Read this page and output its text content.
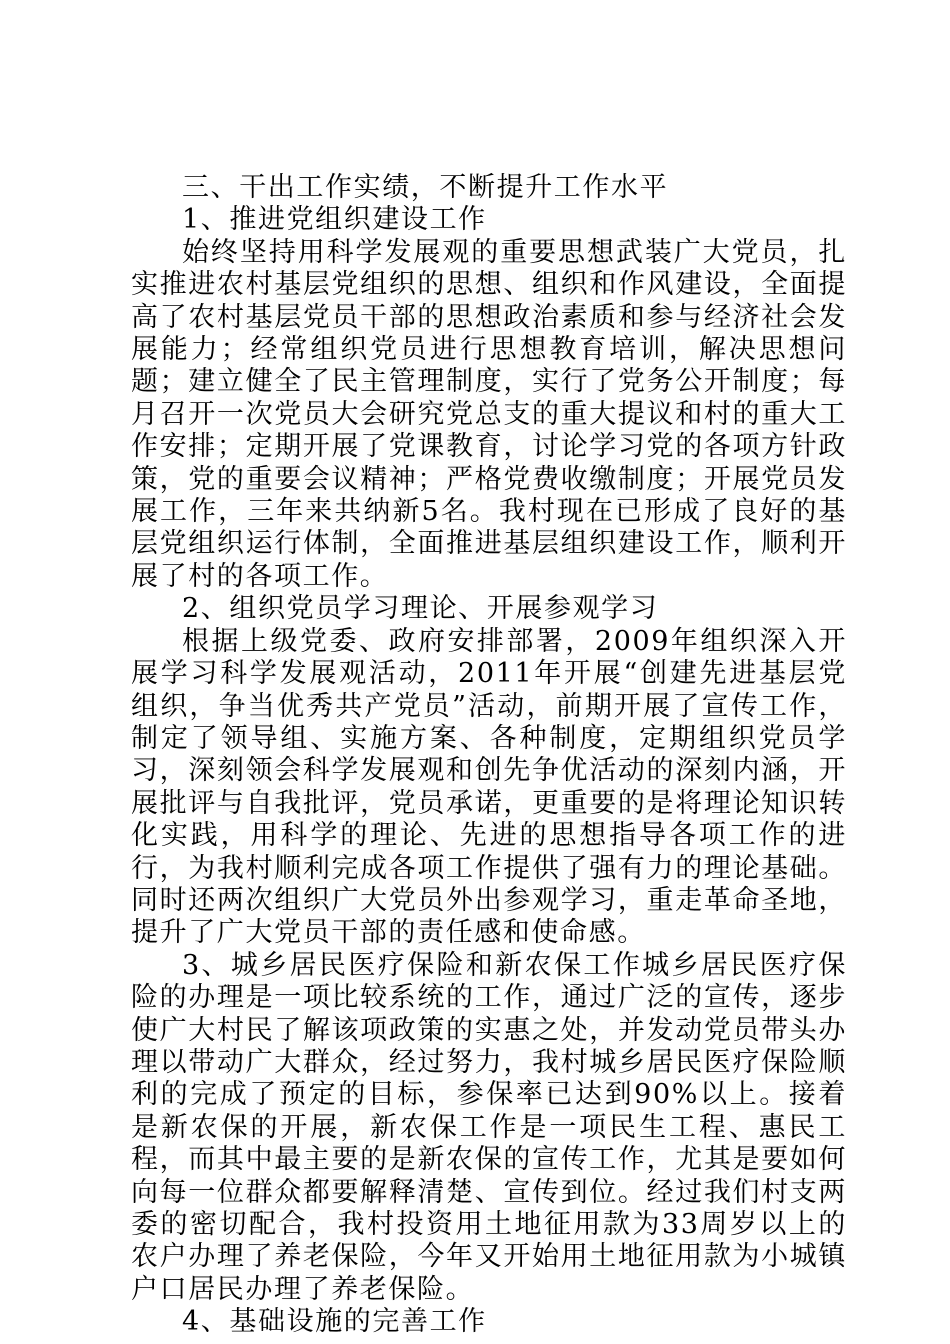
三、干出工作实绩，不断提升工作水平

1、推进党组织建设工作

始终坚持用科学发展观的重要思想武装广大党员，扎实推进农村基层党组织的思想、组织和作风建设，全面提高了农村基层党员干部的思想政治素质和参与经济社会发展能力；经常组织党员进行思想教育培训，解决思想问题；建立健全了民主管理制度，实行了党务公开制度；每月召开一次党员大会研究党总支的重大提议和村的重大工作安排；定期开展了党课教育，讨论学习党的各项方针政策，党的重要会议精神；严格党费收缴制度；开展党员发展工作，三年来共纳新5名。我村现在已形成了良好的基层党组织运行体制，全面推进基层组织建设工作，顺利开展了村的各项工作。

2、组织党员学习理论、开展参观学习

根据上级党委、政府安排部署，2009年组织深入开展学习科学发展观活动，2011年开展“创建先进基层党组织，争当优秀共产党员”活动，前期开展了宣传工作，制定了领导组、实施方案、各种制度，定期组织党员学习，深刻领会科学发展观和创先争优活动的深刻内涵，开展批评与自我批评，党员承诺，更重要的是将理论知识转化实践，用科学的理论、先进的思想指导各项工作的进行，为我村顺利完成各项工作提供了强有力的理论基础。同时还两次组织广大党员外出参观学习，重走革命圣地，提升了广大党员干部的责任感和使命感。

3、城乡居民医疗保险和新农保工作城乡居民医疗保险的办理是一项比较系统的工作，通过广泛的宣传，逐步使广大村民了解该项政策的实惠之处，并发动党员带头办理以带动广大群众，经过努力，我村城乡居民医疗保险顺利的完成了预定的目标，参保率已达到90%以上。接着是新农保的开展，新农保工作是一项民生工程、惠民工程，而其中最主要的是新农保的宣传工作，尤其是要如何向每一位群众都要解释清楚、宣传到位。经过我们村支两委的密切配合，我村投资用土地征用款为33周岁以上的农户办理了养老保险，今年又开始用土地征用款为小城镇户口居民办理了养老保险。

4、基础设施的完善工作
